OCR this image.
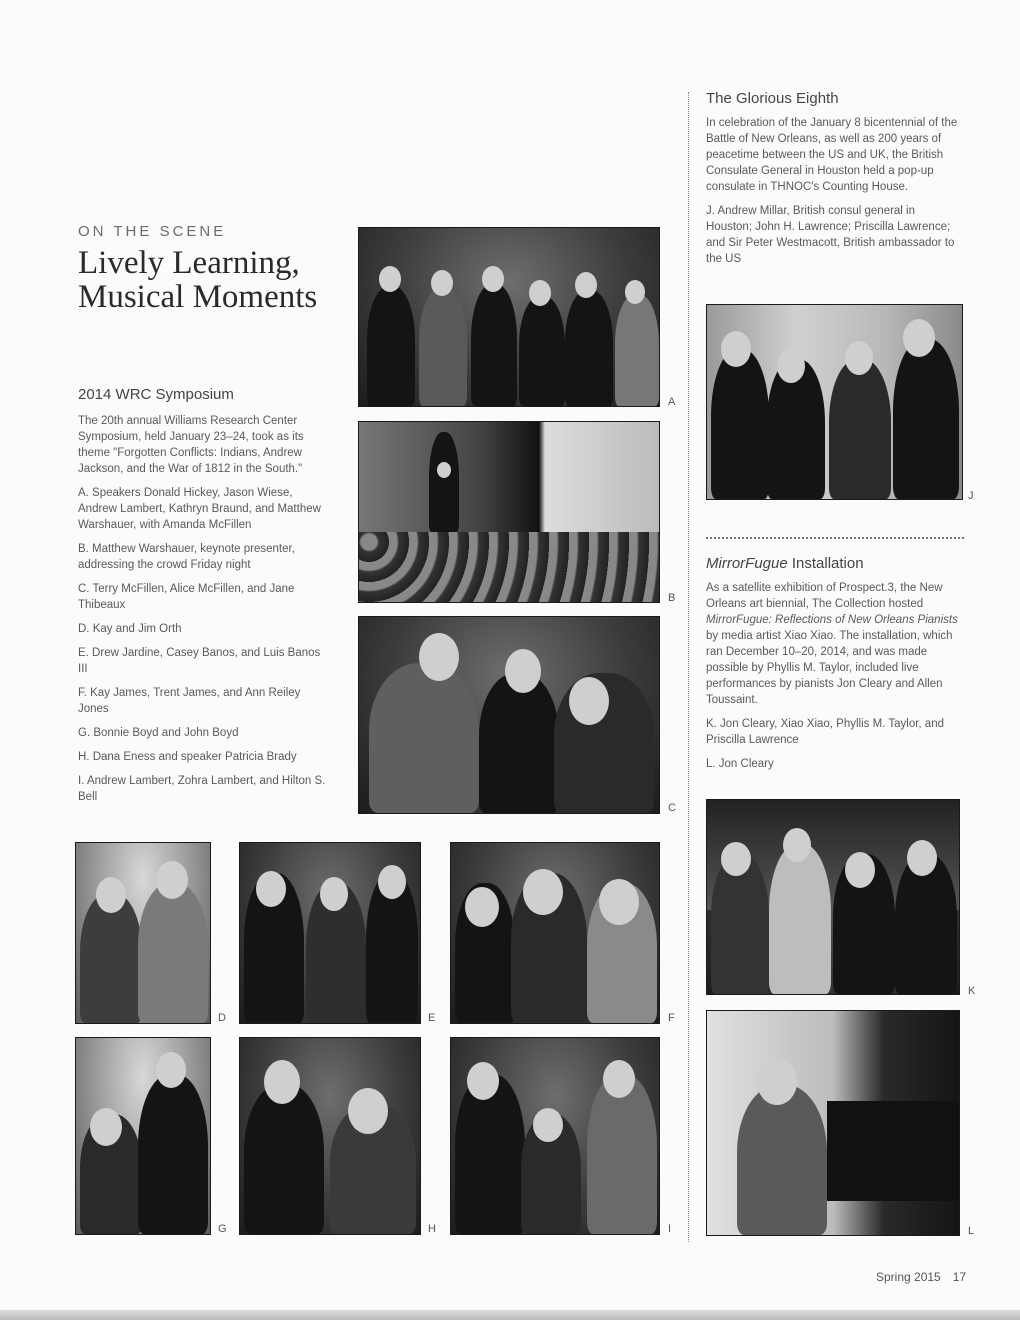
ON THE SCENE
Lively Learning,
Musical Moments
2014 WRC Symposium

The 20th annual Williams Research Center Symposium, held January 23–24, took as its theme "Forgotten Conflicts: Indians, Andrew Jackson, and the War of 1812 in the South."

A. Speakers Donald Hickey, Jason Wiese, Andrew Lambert, Kathryn Braund, and Matthew Warshauer, with Amanda McFillen

B. Matthew Warshauer, keynote presenter, addressing the crowd Friday night

C. Terry McFillen, Alice McFillen, and Jane Thibeaux

D. Kay and Jim Orth

E. Drew Jardine, Casey Banos, and Luis Banos III

F. Kay James, Trent James, and Ann Reiley Jones

G. Bonnie Boyd and John Boyd

H. Dana Eness and speaker Patricia Brady

I. Andrew Lambert, Zohra Lambert, and Hilton S. Bell

A
B
C
D	E	F
G	H	I
The Glorious Eighth

In celebration of the January 8 bicentennial of the Battle of New Orleans, as well as 200 years of peacetime between the US and UK, the British Consulate General in Houston held a pop-up consulate in THNOC's Counting House.

J. Andrew Millar, British consul general in Houston; John H. Lawrence; Priscilla Lawrence; and Sir Peter Westmacott, British ambassador to the US

J
MirrorFugue Installation

As a satellite exhibition of Prospect.3, the New Orleans art biennial, The Collection hosted MirrorFugue: Reflections of New Orleans Pianists by media artist Xiao Xiao. The installation, which ran December 10–20, 2014, and was made possible by Phyllis M. Taylor, included live performances by pianists Jon Cleary and Allen Toussaint.

K. Jon Cleary, Xiao Xiao, Phyllis M. Taylor, and Priscilla Lawrence

L. Jon Cleary

K
L
Spring 2015 17
